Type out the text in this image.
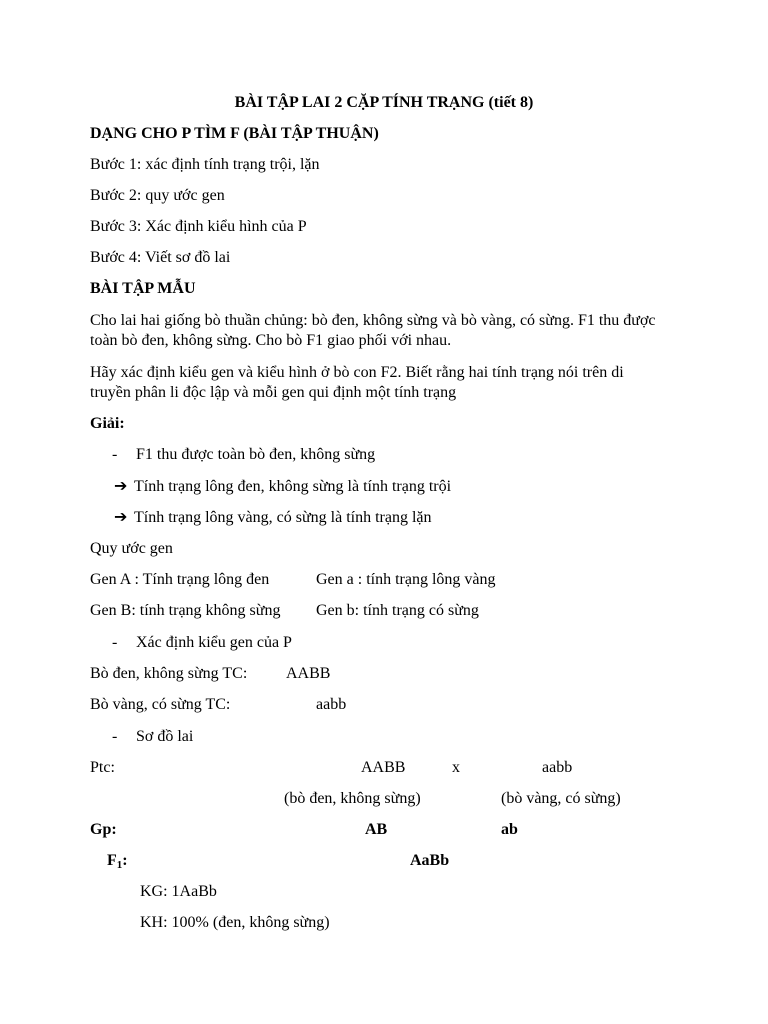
BÀI TẬP LAI 2 CẶP TÍNH TRẠNG (tiết 8)
DẠNG CHO P TÌM F (BÀI TẬP THUẬN)
Bước 1: xác định tính trạng trội, lặn
Bước 2: quy ước gen
Bước 3: Xác định kiểu hình của P
Bước 4: Viết sơ đồ lai
BÀI TẬP MẪU
Cho lai hai giống bò thuần chủng: bò đen, không sừng và bò vàng, có sừng. F1 thu được
toàn bò đen, không sừng. Cho bò F1 giao phối với nhau.
Hãy xác định kiểu gen và kiểu hình ở bò con F2. Biết rằng hai tính trạng nói trên di
truyền phân li độc lập và mỗi gen qui định một tính trạng
Giải:
- F1 thu được toàn bò đen, không sừng
➔ Tính trạng lông đen, không sừng là tính trạng trội
➔ Tính trạng lông vàng, có sừng là tính trạng lặn
Quy ước gen
Gen A : Tính trạng lông đen	Gen a : tính trạng lông vàng
Gen B: tính trạng không sừng Gen b: tính trạng có sừng
- Xác định kiểu gen của P
Bò đen, không sừng TC: AABB
Bò vàng, có sừng TC:	aabb
- Sơ đồ lai
Ptc:	AABB	x	aabb
(bò đen, không sừng)	(bò vàng, có sừng)
Gp:	AB	ab
F1:	AaBb
KG: 1AaBb
KH: 100% (đen, không sừng)
